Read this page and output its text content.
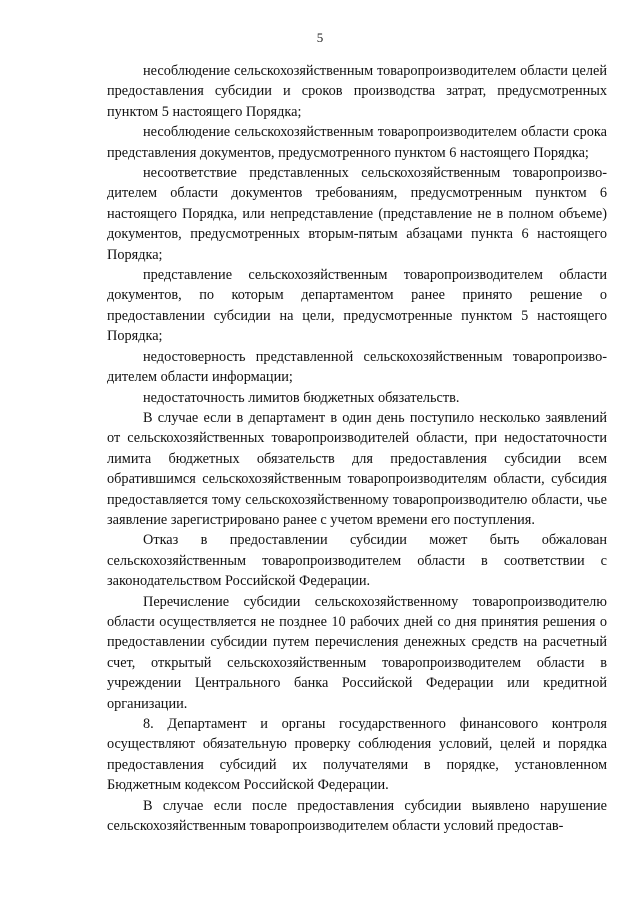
5

несоблюдение сельскохозяйственным товаропроизводителем области целей предоставления субсидии и сроков производства затрат, предусмотренных пунктом 5 настоящего Порядка;

несоблюдение сельскохозяйственным товаропроизводителем области срока представления документов, предусмотренного пунктом 6 настоящего Порядка;

несоответствие представленных сельскохозяйственным товаропроизводителем области документов требованиям, предусмотренным пунктом 6 настоящего Порядка, или непредставление (представление не в полном объеме) документов, предусмотренных вторым-пятым абзацами пункта 6 настоящего Порядка;

представление сельскохозяйственным товаропроизводителем области документов, по которым департаментом ранее принято решение о предоставлении субсидии на цели, предусмотренные пунктом 5 настоящего Порядка;

недостоверность представленной сельскохозяйственным товаропроизводителем области информации;

недостаточность лимитов бюджетных обязательств.

В случае если в департамент в один день поступило несколько заявлений от сельскохозяйственных товаропроизводителей области, при недостаточности лимита бюджетных обязательств для предоставления субсидии всем обратившимся сельскохозяйственным товаропроизводителям области, субсидия предоставляется тому сельскохозяйственному товаропроизводителю области, чье заявление зарегистрировано ранее с учетом времени его поступления.

Отказ в предоставлении субсидии может быть обжалован сельскохозяйственным товаропроизводителем области в соответствии с законодательством Российской Федерации.

Перечисление субсидии сельскохозяйственному товаропроизводителю области осуществляется не позднее 10 рабочих дней со дня принятия решения о предоставлении субсидии путем перечисления денежных средств на расчетный счет, открытый сельскохозяйственным товаропроизводителем области в учреждении Центрального банка Российской Федерации или кредитной организации.

8. Департамент и органы государственного финансового контроля осуществляют обязательную проверку соблюдения условий, целей и порядка предоставления субсидий их получателями в порядке, установленном Бюджетным кодексом Российской Федерации.

В случае если после предоставления субсидии выявлено нарушение сельскохозяйственным товаропроизводителем области условий предостав-
